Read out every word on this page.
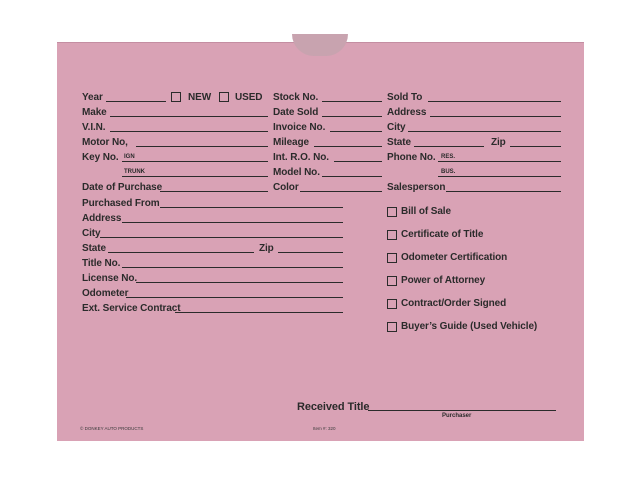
Year	NEW USED
Make
V.I.N.
Motor No,
Key No. IGN
TRUNK
Date of Purchase
Purchased From
Address
City
State	Zip
Title No.
License No.
Odometer
Ext. Service Contract
Stock No.
Date Sold
Invoice No.
Mileage
Int. R.O. No.
Model No.
Color
Sold To
Address
City
State	Zip
Phone No. RES.
BUS.
Salesperson
Bill of Sale
Certificate of Title
Odometer Certification
Power of Attorney
Contract/Order Signed
Buyer’s Guide (Used Vehicle)
Received Title
Purchaser
© DONKEY AUTO PRODUCTS	Item #: 320
